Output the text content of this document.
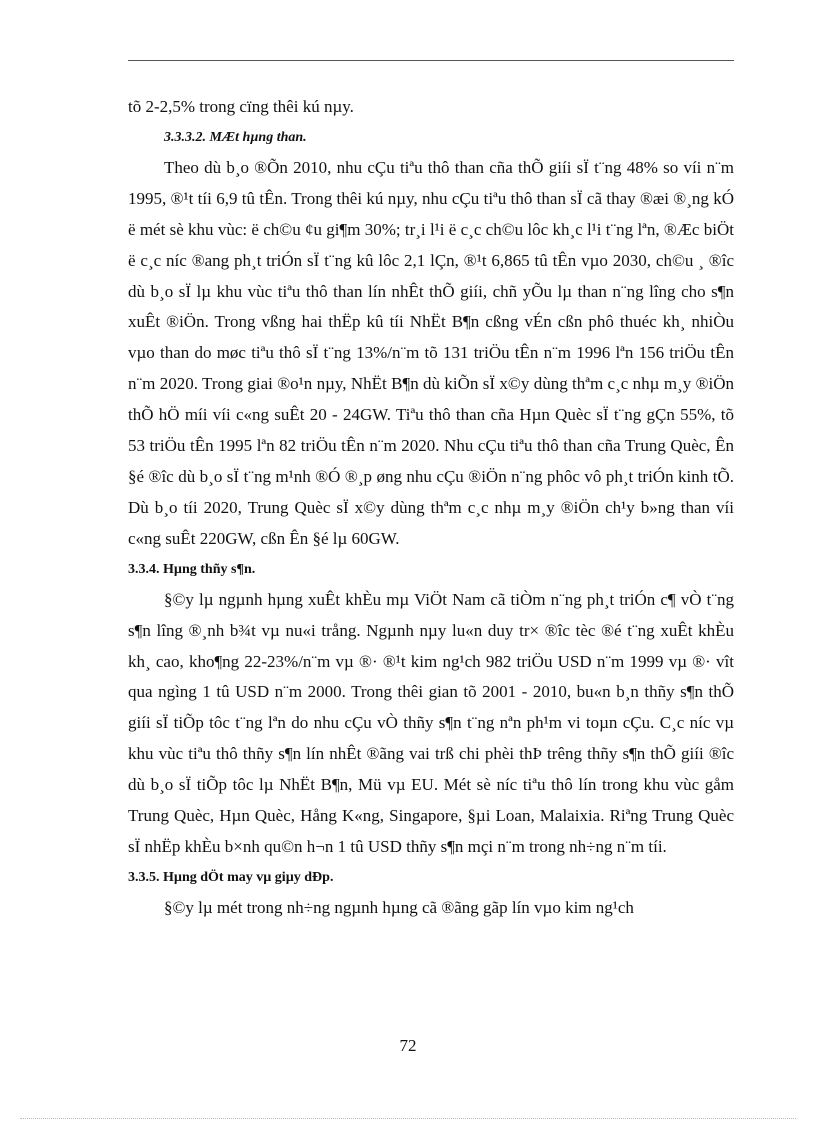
tõ 2-2,5% trong cïng thêi kú nµy.

3.3.3.2. MÆt hµng than.

Theo dù b¸o ®Õn 2010, nhu cÇu tiªu thô than cña thÕ giíi sÏ t¨ng 48% so víi n¨m 1995, ®¹t tíi 6,9 tû tÊn. Trong thêi kú nµy, nhu cÇu tiªu thô than sÏ cã thay ®æi ®¸ng kÓ ë mét sè khu vùc: ë ch©u ¢u gi¶m 30%; tr¸i l¹i ë c¸c ch©u lôc kh¸c l¹i t¨ng lªn, ®Æc biÖt ë c¸c níc ®ang ph¸t triÓn sÏ t¨ng kû lôc 2,1 lÇn, ®¹t 6,865 tû tÊn vµo 2030, ch©u ¸ ®îc dù b¸o sÏ lµ khu vùc tiªu thô than lín nhÊt thÕ giíi, chñ yÕu lµ than n¨ng lîng cho s¶n xuÊt ®iÖn. Trong vßng hai thËp kû tíi NhËt B¶n cßng vÉn cßn phô thuéc kh¸ nhiÒu vµo than do møc tiªu thô sÏ t¨ng 13%/n¨m tõ 131 triÖu tÊn n¨m 1996 lªn 156 triÖu tÊn n¨m 2020. Trong giai ®o¹n nµy, NhËt B¶n dù kiÕn sÏ x©y dùng thªm c¸c nhµ m¸y ®iÖn thÕ hÖ míi víi c«ng suÊt 20 - 24GW. Tiªu thô than cña Hµn Quèc sÏ t¨ng gÇn 55%, tõ 53 triÖu tÊn 1995 lªn 82 triÖu tÊn n¨m 2020. Nhu cÇu tiªu thô than cña Trung Quèc, Ên §é ®îc dù b¸o sÏ t¨ng m¹nh ®Ó ®¸p øng nhu cÇu ®iÖn n¨ng phôc vô ph¸t triÓn kinh tÕ. Dù b¸o tíi 2020, Trung Quèc sÏ x©y dùng thªm c¸c nhµ m¸y ®iÖn ch¹y b»ng than víi c«ng suÊt 220GW, cßn Ên §é lµ 60GW.

3.3.4. Hµng thñy s¶n.

§©y lµ ngµnh hµng xuÊt khÈu mµ ViÖt Nam cã tiÒm n¨ng ph¸t triÓn c¶ vÒ t¨ng s¶n lîng ®¸nh b¾t vµ nu«i trång. Ngµnh nµy lu«n duy tr× ®îc tèc ®é t¨ng xuÊt khÈu kh¸ cao, kho¶ng 22-23%/n¨m vµ ®· ®¹t kim ng¹ch 982 triÖu USD n¨m 1999 vµ ®· vît qua ngìng 1 tû USD n¨m 2000. Trong thêi gian tõ 2001 - 2010, bu«n b¸n thñy s¶n thÕ giíi sÏ tiÕp tôc t¨ng lªn do nhu cÇu vÒ thñy s¶n t¨ng nªn ph¹m vi toµn cÇu. C¸c níc vµ khu vùc tiªu thô thñy s¶n lín nhÊt ®ãng vai trß chi phèi thÞ trêng thñy s¶n thÕ giíi ®îc dù b¸o sÏ tiÕp tôc lµ NhËt B¶n, Mü vµ EU. Mét sè níc tiªu thô lín trong khu vùc gåm Trung Quèc, Hµn Quèc, Hång K«ng, Singapore, §µi Loan, Malaixia. Riªng Trung Quèc sÏ nhËp khÈu b×nh qu©n h¬n 1 tû USD thñy s¶n mçi n¨m trong nh÷ng n¨m tíi.

3.3.5. Hµng dÖt may vµ giµy dÐp.

§©y lµ mét trong nh÷ng ngµnh hµng cã ®ãng gãp lín vµo kim ng¹ch

72
